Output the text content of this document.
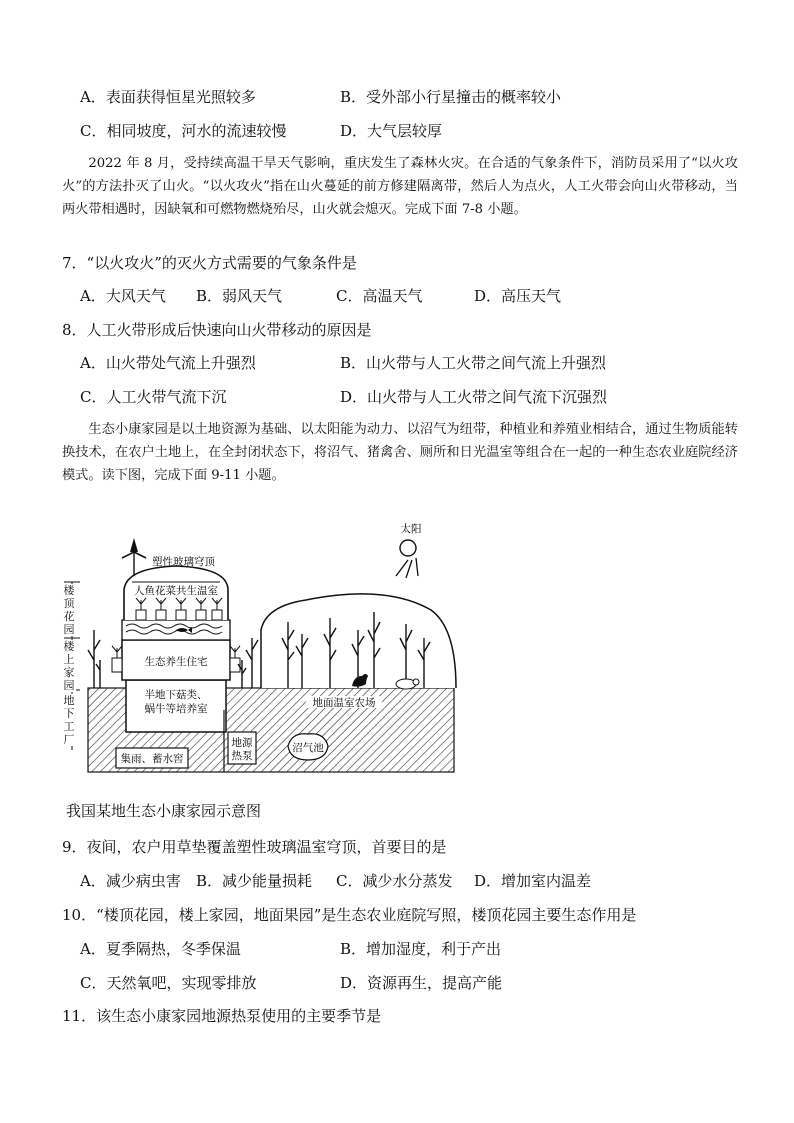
A．表面获得恒星光照较多	B．受外部小行星撞击的概率较小
C．相同坡度，河水的流速较慢	D．大气层较厚
2022 年 8 月，受持续高温干旱天气影响，重庆发生了森林火灾。在合适的气象条件下，消防员采用了“以火攻火”的方法扑灭了山火。“以火攻火”指在山火蔓延的前方修建隔离带，然后人为点火，人工火带会向山火带移动，当两火带相遇时，因缺氧和可燃物燃烧殆尽，山火就会熄灭。完成下面 7-8 小题。
7．“以火攻火”的灭火方式需要的气象条件是
A．大风天气 B．弱风天气	C．高温天气	D．高压天气
8．人工火带形成后快速向山火带移动的原因是
A．山火带处气流上升强烈	B．山火带与人工火带之间气流上升强烈
C．人工火带气流下沉	D．山火带与人工火带之间气流下沉强烈
生态小康家园是以土地资源为基础、以太阳能为动力、以沼气为纽带，种植业和养殖业相结合，通过生物质能转换技术，在农户土地上，在全封闭状态下，将沼气、猪禽舍、厕所和日光温室等组合在一起的一种生态农业庭院经济模式。读下图，完成下面 9-11 小题。
太阳
塑性玻璃穹顶
人鱼花菜共生温室
生态养生住宅
半地下菇类、
蜗牛等培养室	地面温室农场
集雨、蓄水窖
地源
热泵
沼气池
楼顶花园
楼上家园
地下工厂
我国某地生态小康家园示意图
9．夜间，农户用草垫覆盖塑性玻璃温室穹顶，首要目的是
A．减少病虫害 B．减少能量损耗 C．减少水分蒸发 D．增加室内温差
10．“楼顶花园，楼上家园，地面果园”是生态农业庭院写照，楼顶花园主要生态作用是
A．夏季隔热，冬季保温	B．增加湿度，利于产出
C．天然氧吧，实现零排放	D．资源再生，提高产能
11．该生态小康家园地源热泵使用的主要季节是
